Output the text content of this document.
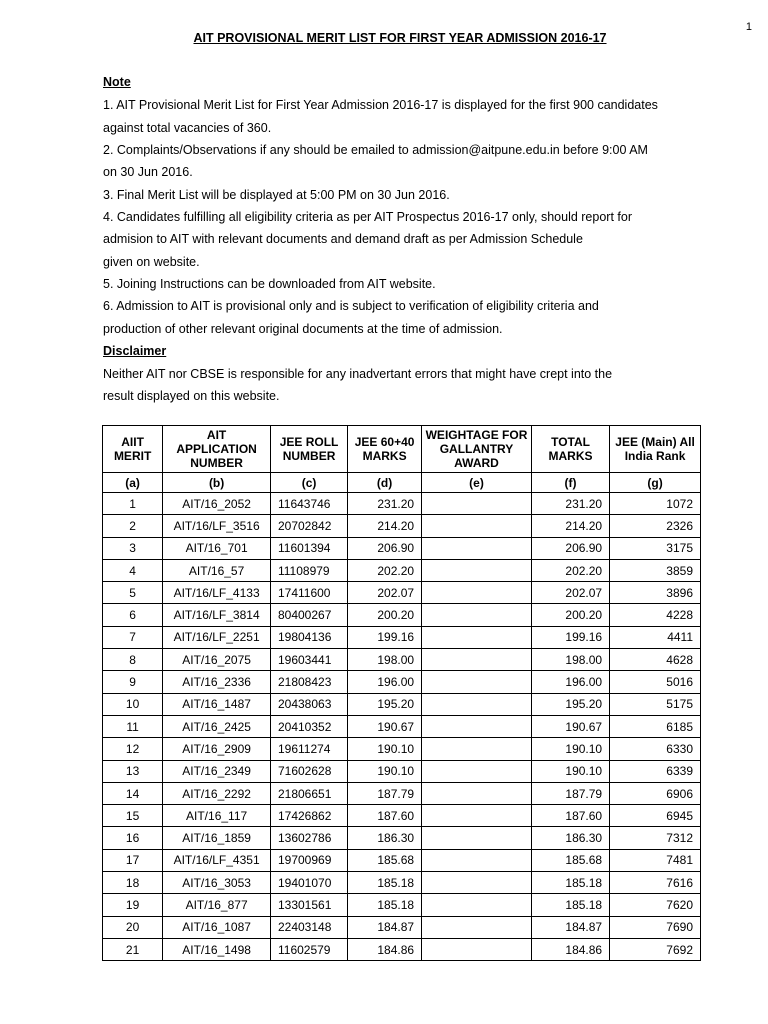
1
AIT PROVISIONAL MERIT LIST FOR FIRST YEAR ADMISSION 2016-17
Note
1. AIT Provisional Merit List for First Year Admission 2016-17 is displayed for the first 900 candidates
against total vacancies of 360.
2. Complaints/Observations if any should be emailed to admission@aitpune.edu.in before 9:00 AM
on 30 Jun 2016.
3. Final Merit List will be displayed at 5:00 PM on 30 Jun 2016.
4. Candidates fulfilling all eligibility criteria as per AIT Prospectus 2016-17 only, should report for
admision to AIT with relevant documents and demand draft as per Admission Schedule
given on website.
5. Joining Instructions can be downloaded from AIT website.
6. Admission to AIT is provisional only and is subject to verification of eligibility criteria and
production of other relevant original documents at the time of admission.
Disclaimer
Neither AIT nor CBSE is responsible for any inadvertant errors that might have crept into the
result displayed on this website.
AIIT MERIT	AIT APPLICATION NUMBER	JEE ROLL NUMBER	JEE 60+40 MARKS	WEIGHTAGE FOR GALLANTRY AWARD	TOTAL MARKS	JEE (Main) All India Rank
(a)	(b)	(c)	(d)	(e)	(f)	(g)
1	AIT/16_2052	11643746	231.20		231.20	1072
2	AIT/16/LF_3516	20702842	214.20		214.20	2326
3	AIT/16_701	11601394	206.90		206.90	3175
4	AIT/16_57	11108979	202.20		202.20	3859
5	AIT/16/LF_4133	17411600	202.07		202.07	3896
6	AIT/16/LF_3814	80400267	200.20		200.20	4228
7	AIT/16/LF_2251	19804136	199.16		199.16	4411
8	AIT/16_2075	19603441	198.00		198.00	4628
9	AIT/16_2336	21808423	196.00		196.00	5016
10	AIT/16_1487	20438063	195.20		195.20	5175
11	AIT/16_2425	20410352	190.67		190.67	6185
12	AIT/16_2909	19611274	190.10		190.10	6330
13	AIT/16_2349	71602628	190.10		190.10	6339
14	AIT/16_2292	21806651	187.79		187.79	6906
15	AIT/16_117	17426862	187.60		187.60	6945
16	AIT/16_1859	13602786	186.30		186.30	7312
17	AIT/16/LF_4351	19700969	185.68		185.68	7481
18	AIT/16_3053	19401070	185.18		185.18	7616
19	AIT/16_877	13301561	185.18		185.18	7620
20	AIT/16_1087	22403148	184.87		184.87	7690
21	AIT/16_1498	11602579	184.86		184.86	7692
